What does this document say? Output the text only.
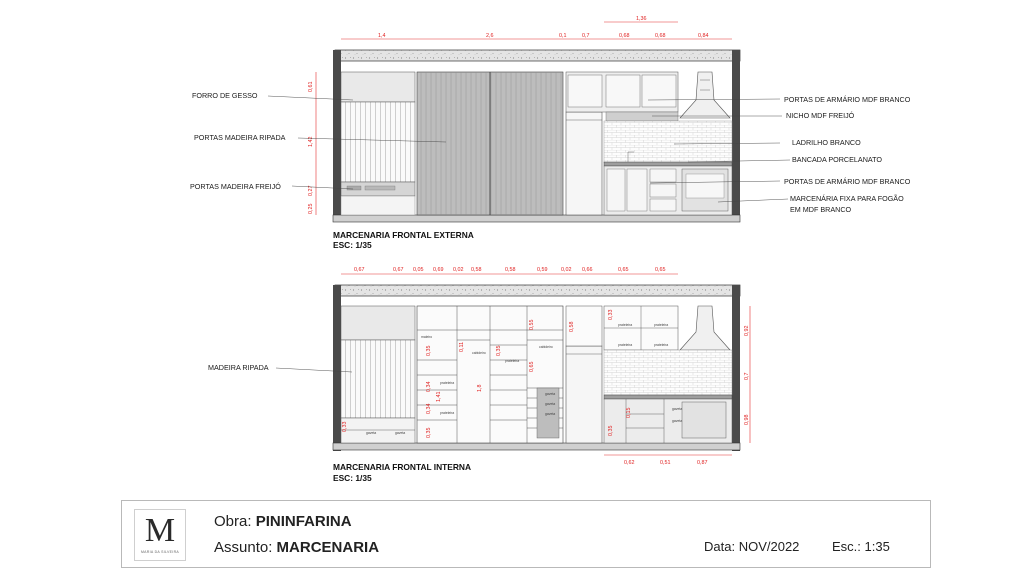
1,4	2,6	0,1	0,7	0,68	0,68	0,84
1,36
0,61
1,42
0,27
0,25
FORRO DE GESSO
PORTAS MADEIRA RIPADA
PORTAS MADEIRA FREIJÓ
PORTAS DE ARMÁRIO MDF BRANCO
NICHO MDF FREIJÓ
LADRILHO BRANCO
BANCADA PORCELANATO
PORTAS DE ARMÁRIO MDF BRANCO
MARCENÁRIA FIXA PARA FOGÃO
EM MDF BRANCO
MARCENARIA FRONTAL EXTERNA
ESC: 1/35
gaveta	gaveta
maleiro
cabideiro
cabideiro
prateleira
prateleira
prateleira
gaveta
gaveta
gaveta
prateleira	prateleira
prateleira	prateleira
gaveta
gaveta
0,67	0,67 0,05 0,69 0,02 0,58	0,58	0,59	0,02 0,66	0,65	0,65
0,92
0,7
0,98
0,62	0,51	0,87
0,35
0,34
0,34
0,35
0,35
1,41
1,8
0,55
0,65
0,11
0,33	0,35
0,58
0,15
0,33
MADEIRA RIPADA
MARCENARIA FRONTAL INTERNA
ESC: 1/35
M
MARIA DA SILVEIRA
Obra: PININFARINA
Assunto: MARCENARIA	Data: NOV/2022	Esc.: 1:35
